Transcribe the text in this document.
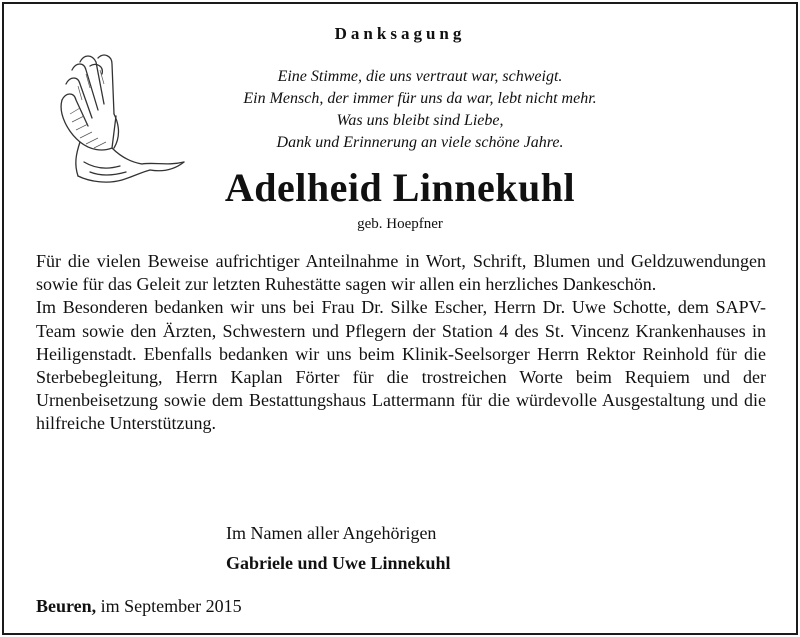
Danksagung
Eine Stimme, die uns vertraut war, schweigt.
Ein Mensch, der immer für uns da war, lebt nicht mehr.
Was uns bleibt sind Liebe,
Dank und Erinnerung an viele schöne Jahre.
Adelheid Linnekuhl
geb. Hoepfner

Für die vielen Beweise aufrichtiger Anteilnahme in Wort, Schrift, Blumen und Geldzuwendungen sowie für das Geleit zur letzten Ruhestätte sagen wir allen ein herzliches Dankeschön.

Im Besonderen bedanken wir uns bei Frau Dr. Silke Escher, Herrn Dr. Uwe Schotte, dem SAPV-Team sowie den Ärzten, Schwestern und Pflegern der Station 4 des St. Vincenz Krankenhauses in Heiligenstadt. Ebenfalls bedanken wir uns beim Klinik-Seelsorger Herrn Rektor Reinhold für die Sterbebegleitung, Herrn Kaplan Förter für die trostreichen Worte beim Requiem und der Urnenbeisetzung sowie dem Bestattungshaus Lattermann für die würdevolle Ausgestaltung und die hilfreiche Unterstützung.

Im Namen aller Angehörigen
Gabriele und Uwe Linnekuhl
Beuren, im September 2015
